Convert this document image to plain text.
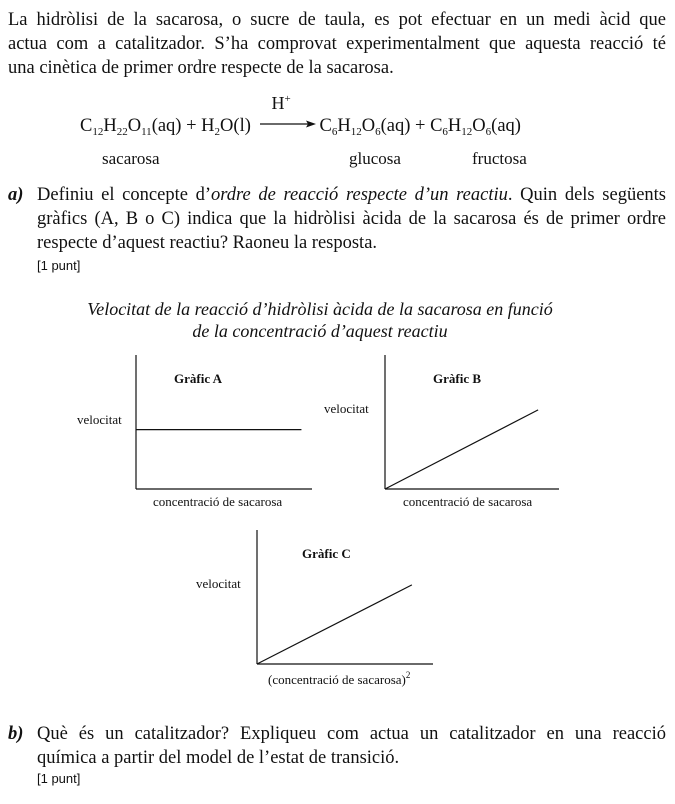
La hidròlisi de la sacarosa, o sucre de taula, es pot efectuar en un medi àcid que
actua com a catalitzador. S’ha comprovat experimentalment que aquesta reacció té
una cinètica de primer ordre respecte de la sacarosa.
$C_{12}H_{22}O_{11}(aq) + H_2O(l)$
H+
$C_6H_{12}O_6(aq) + C_6H_{12}O_6(aq)$
sacarosa	glucosa	fructosa
a) Definiu el concepte d’ordre de reacció respecte d’un reactiu. Quin dels següents
gràfics (A, B o C) indica que la hidròlisi àcida de la sacarosa és de primer ordre
respecte d’aquest reactiu? Raoneu la resposta.
[1 punt]
Velocitat de la reacció d’hidròlisi àcida de la sacarosa en funció
de la concentració d’aquest reactiu
Gràfic A
velocitat
concentració de sacarosa
Gràfic B
velocitat
concentració de sacarosa
Gràfic C
velocitat
(concentració de sacarosa)$^2$
b) Què és un catalitzador? Expliqueu com actua un catalitzador en una reacció
química a partir del model de l’estat de transició.
[1 punt]
